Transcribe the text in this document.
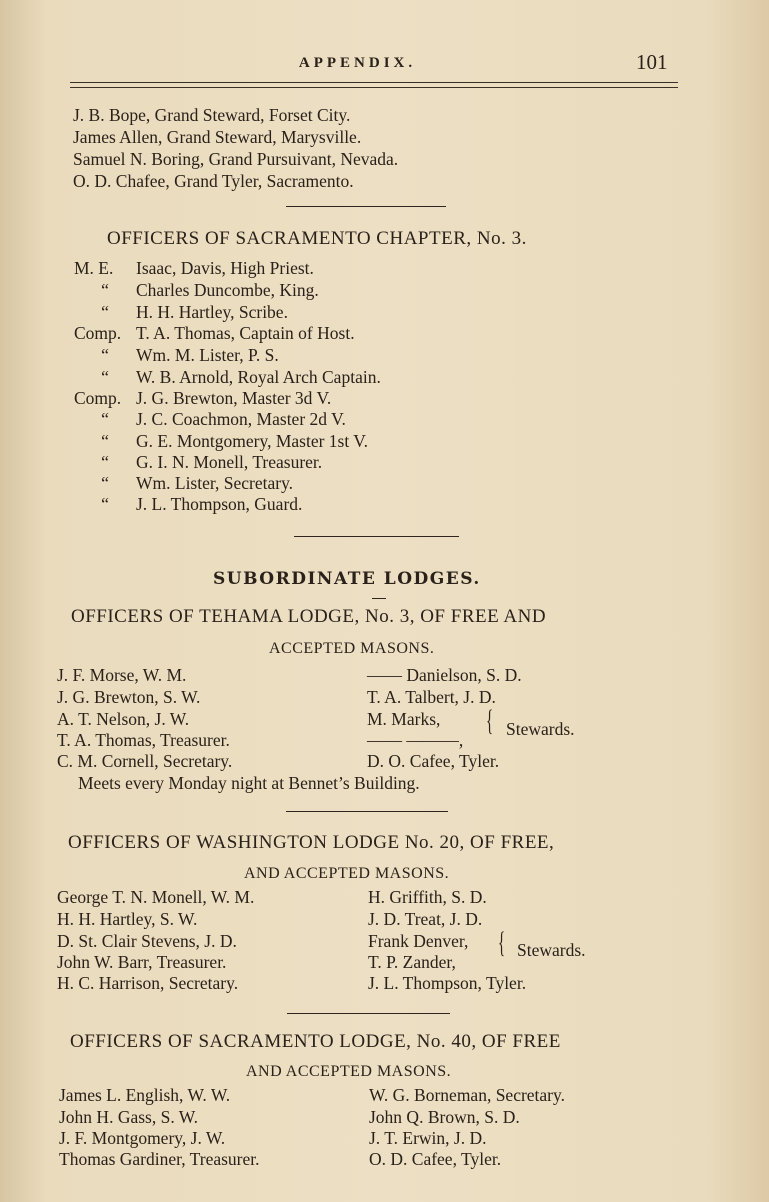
APPENDIX.	101
J. B. Bope, Grand Steward, Forset City.
James Allen, Grand Steward, Marysville.
Samuel N. Boring, Grand Pursuivant, Nevada.
O. D. Chafee, Grand Tyler, Sacramento.
OFFICERS OF SACRAMENTO CHAPTER, No. 3.
M. E. Isaac, Davis, High Priest.
“ Charles Duncombe, King.
“ H. H. Hartley, Scribe.
Comp. T. A. Thomas, Captain of Host.
“ Wm. M. Lister, P. S.
“ W. B. Arnold, Royal Arch Captain.
Comp. J. G. Brewton, Master 3d V.
“ J. C. Coachmon, Master 2d V.
“ G. E. Montgomery, Master 1st V.
“ G. I. N. Monell, Treasurer.
“ Wm. Lister, Secretary.
“ J. L. Thompson, Guard.
SUBORDINATE LODGES.
OFFICERS OF TEHAMA LODGE, No. 3, OF FREE AND
ACCEPTED MASONS.
J. F. Morse, W. M.
J. G. Brewton, S. W.
A. T. Nelson, J. W.
T. A. Thomas, Treasurer.
C. M. Cornell, Secretary.
—— Danielson, S. D.
T. A. Talbert, J. D.
M. Marks,
—— ———,
{ Stewards.
D. O. Cafee, Tyler.
Meets every Monday night at Bennet’s Building.
OFFICERS OF WASHINGTON LODGE No. 20, OF FREE,
AND ACCEPTED MASONS.
George T. N. Monell, W. M.
H. H. Hartley, S. W.
D. St. Clair Stevens, J. D.
John W. Barr, Treasurer.
H. C. Harrison, Secretary.
H. Griffith, S. D.
J. D. Treat, J. D.
Frank Denver,
T. P. Zander,
{ Stewards.
J. L. Thompson, Tyler.
OFFICERS OF SACRAMENTO LODGE, No. 40, OF FREE
AND ACCEPTED MASONS.
James L. English, W. W.
John H. Gass, S. W.
J. F. Montgomery, J. W.
Thomas Gardiner, Treasurer.
W. G. Borneman, Secretary.
John Q. Brown, S. D.
J. T. Erwin, J. D.
O. D. Cafee, Tyler.
